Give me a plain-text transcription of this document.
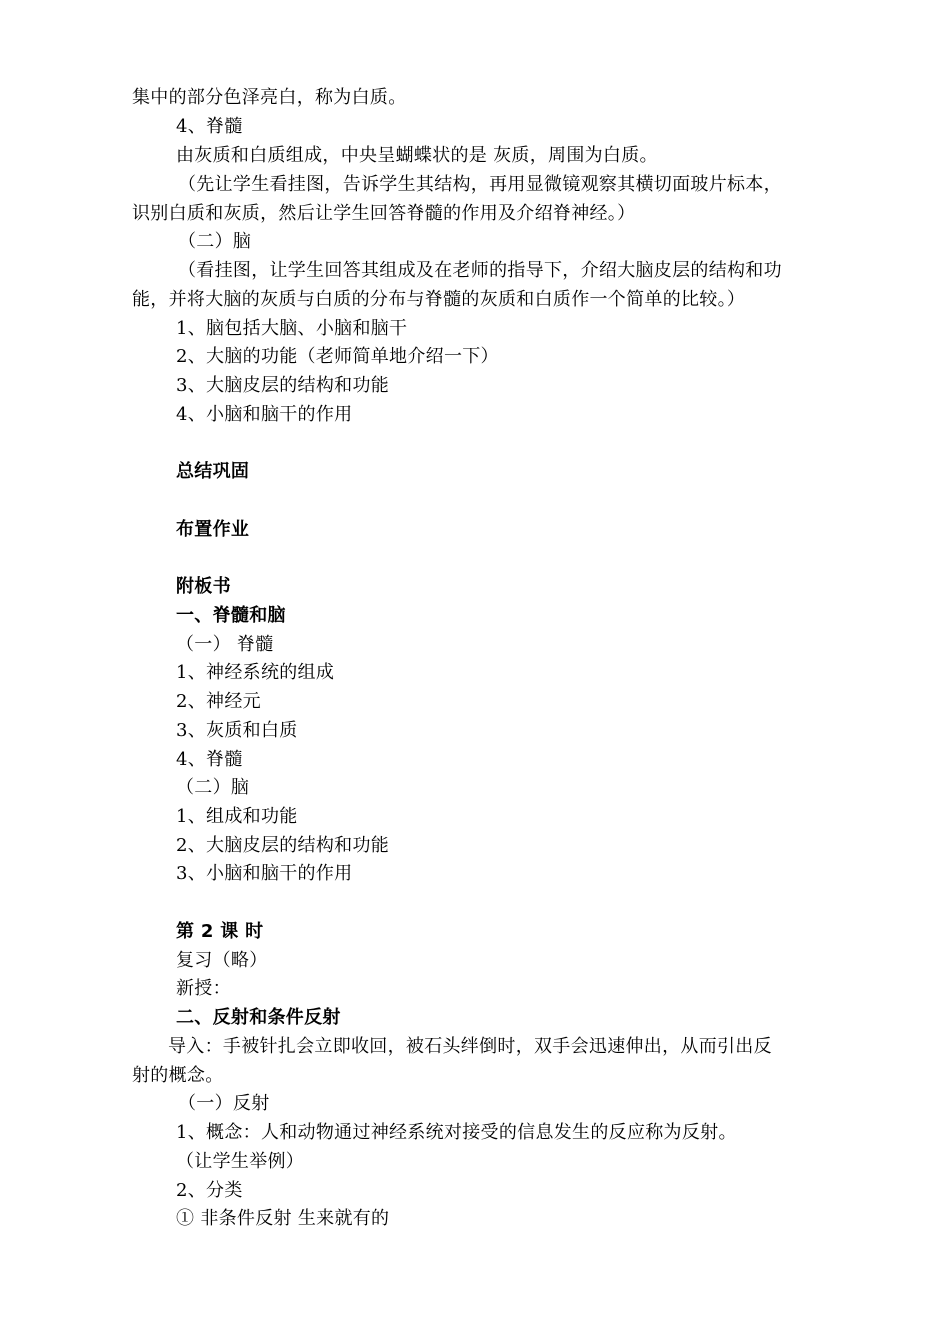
集中的部分色泽亮白，称为白质。
4、脊髓
由灰质和白质组成，中央呈蝴蝶状的是 灰质，周围为白质。
（先让学生看挂图，告诉学生其结构，再用显微镜观察其横切面玻片标本，
识别白质和灰质，然后让学生回答脊髓的作用及介绍脊神经。）
（二）脑
（看挂图，让学生回答其组成及在老师的指导下，介绍大脑皮层的结构和功
能，并将大脑的灰质与白质的分布与脊髓的灰质和白质作一个简单的比较。）
1、脑包括大脑、小脑和脑干
2、大脑的功能（老师简单地介绍一下）
3、大脑皮层的结构和功能
4、小脑和脑干的作用
总结巩固
布置作业
附板书
一、脊髓和脑
（一） 脊髓
1、神经系统的组成
2、神经元
3、灰质和白质
4、脊髓
（二）脑
1、组成和功能
2、大脑皮层的结构和功能
3、小脑和脑干的作用
第 2 课 时
复习（略）
新授：
二、反射和条件反射
导入：手被针扎会立即收回，被石头绊倒时，双手会迅速伸出，从而引出反
射的概念。
（一）反射
1、概念：人和动物通过神经系统对接受的信息发生的反应称为反射。
（让学生举例）
2、分类
① 非条件反射 生来就有的
